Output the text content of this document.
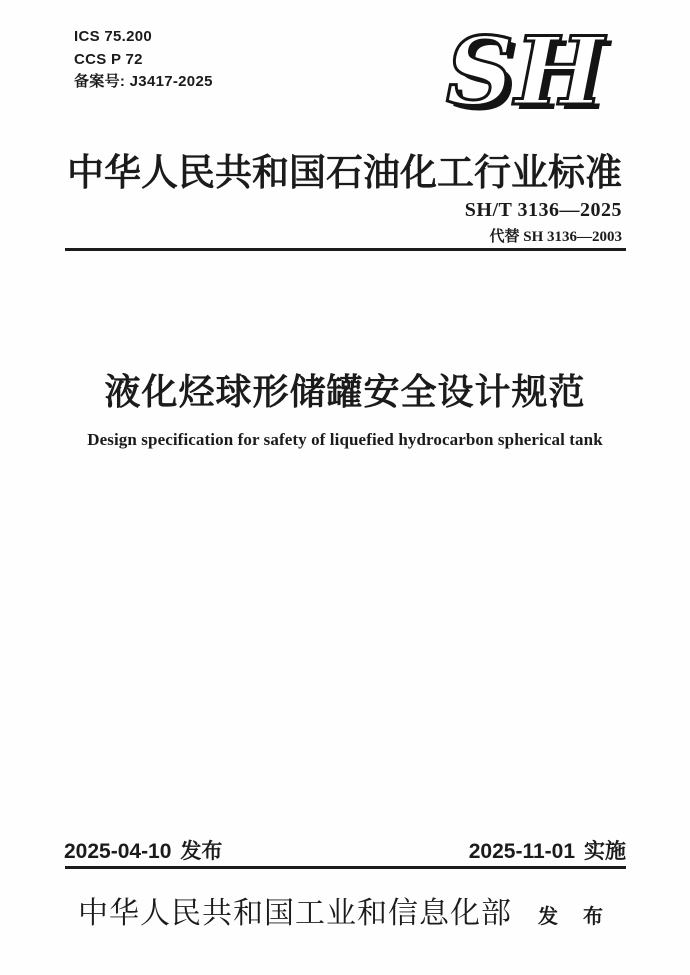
ICS 75.200
CCS P 72
备案号: J3417-2025 SH
中华人民共和国石油化工行业标准
SH/T 3136—2025
代替 SH 3136—2003
液化烃球形储罐安全设计规范
Design specification for safety of liquefied hydrocarbon spherical tank
2025-04-10 发布	2025-11-01 实施
中华人民共和国工业和信息化部 发 布
